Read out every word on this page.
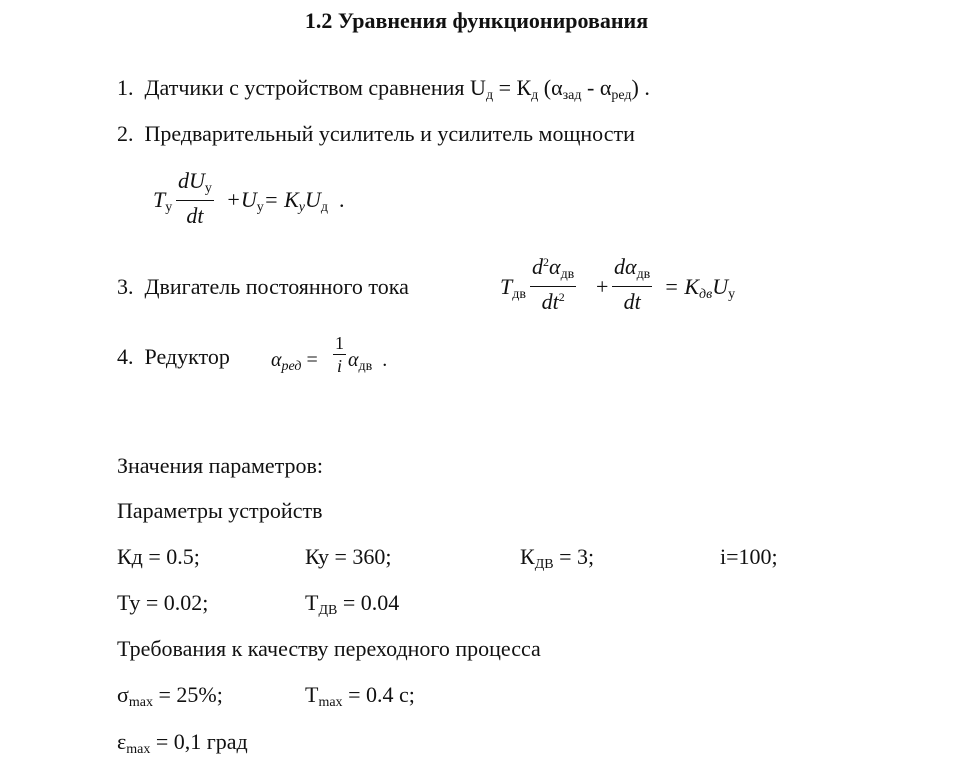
1.2 Уравнения функционирования
1. Датчики с устройством сравнения $U_д = К_д$ $(\alpha_{зад} - \alpha_{ред})$ .
2. Предварительный усилитель и усилитель мощности
$T_у$
$dU_у$
dt
$+U_у= K_уU_д$ .
3. Двигатель постоянного тока	$T_{дв}$
$d^2\alpha_{дв}$
$dt^2$	+
$d\alpha_{дв}$
dt
= $K_{дв}U_у$
4. Редуктор $\alpha_{ред} = \frac{1}{i} \alpha_{дв}$ .
Значения параметров:
Параметры устройств
Кд = 0.5;	Ку = 360;	$К_{ДВ} = 3$;	i=100;
Ту = 0.02;	$Т_{ДВ} = 0.04$
Требования к качеству переходного процесса
$\sigma_{max} = 25\%$;	$T_{max} = 0.4$ с;
$\varepsilon_{max} = 0,1$ град
